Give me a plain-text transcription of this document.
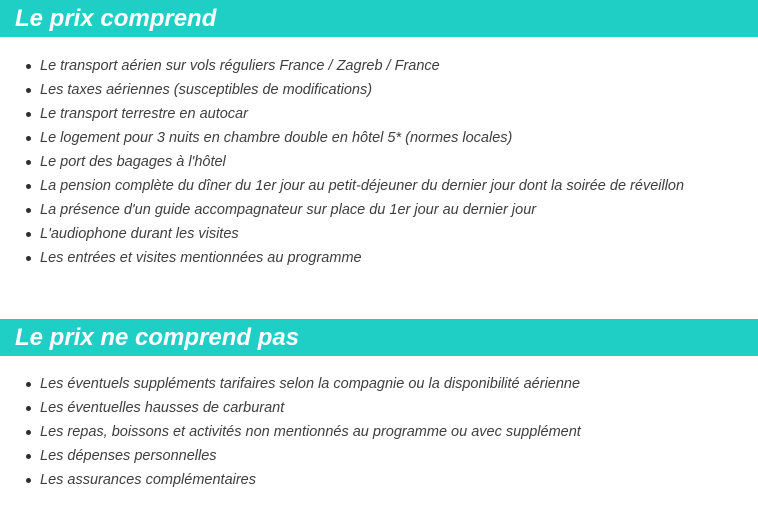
Le prix comprend
Le transport aérien sur vols réguliers France / Zagreb / France
Les taxes aériennes (susceptibles de modifications)
Le transport terrestre en autocar
Le logement pour 3 nuits en chambre double en hôtel 5* (normes locales)
Le port des bagages à l'hôtel
La pension complète du dîner du 1er jour au petit-déjeuner du dernier jour dont la soirée de réveillon
La présence d'un guide accompagnateur sur place du 1er jour au dernier jour
L'audiophone durant les visites
Les entrées et visites mentionnées au programme
Le prix ne comprend pas
Les éventuels suppléments tarifaires selon la compagnie ou la disponibilité aérienne
Les éventuelles hausses de carburant
Les repas, boissons et activités non mentionnés au programme ou avec supplément
Les dépenses personnelles
Les assurances complémentaires
